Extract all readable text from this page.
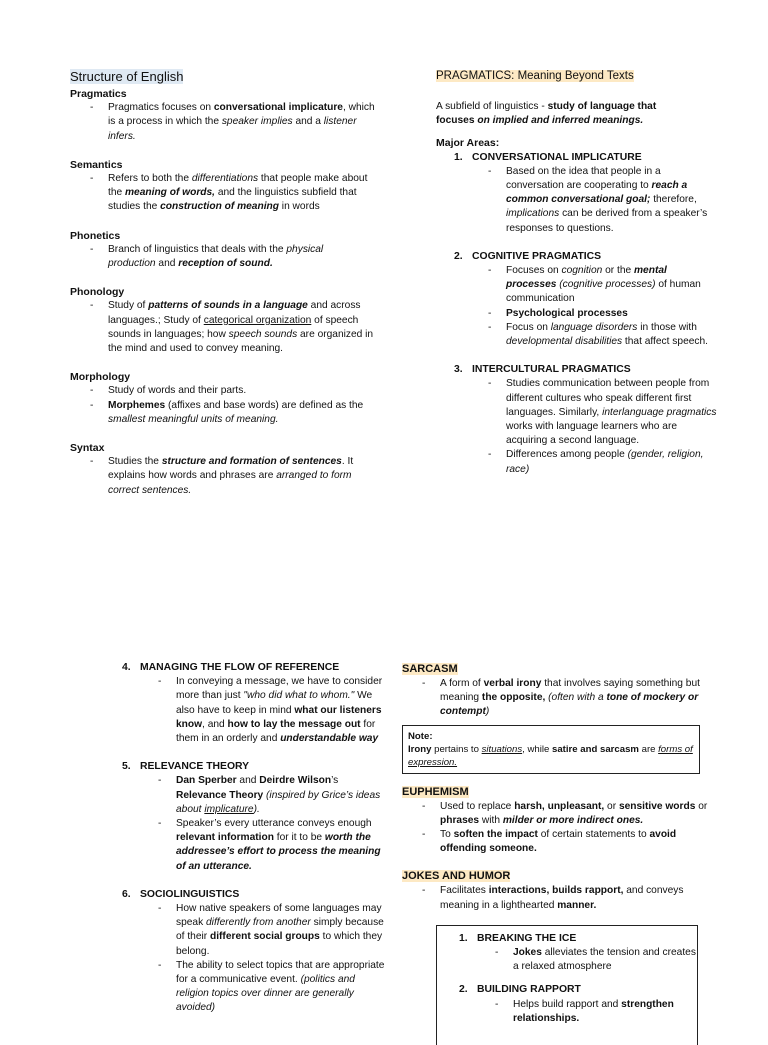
Structure of English
Pragmatics
- Pragmatics focuses on conversational implicature, which is a process in which the speaker implies and a listener infers.
Semantics
- Refers to both the differentiations that people make about the meaning of words, and the linguistics subfield that studies the construction of meaning in words
Phonetics
- Branch of linguistics that deals with the physical production and reception of sound.
Phonology
- Study of patterns of sounds in a language and across languages.; Study of categorical organization of speech sounds in languages; how speech sounds are organized in the mind and used to convey meaning.
Morphology
- Study of words and their parts.
- Morphemes (affixes and base words) are defined as the smallest meaningful units of meaning.
Syntax
- Studies the structure and formation of sentences. It explains how words and phrases are arranged to form correct sentences.
PRAGMATICS: Meaning Beyond Texts
A subfield of linguistics - study of language that focuses on implied and inferred meanings.
Major Areas:
1. CONVERSATIONAL IMPLICATURE
- Based on the idea that people in a conversation are cooperating to reach a common conversational goal; therefore, implications can be derived from a speaker’s responses to questions.
2. COGNITIVE PRAGMATICS
- Focuses on cognition or the mental processes (cognitive processes) of human communication
- Psychological processes
- Focus on language disorders in those with developmental disabilities that affect speech.
3. INTERCULTURAL PRAGMATICS
- Studies communication between people from different cultures who speak different first languages. Similarly, interlanguage pragmatics works with language learners who are acquiring a second language.
- Differences among people (gender, religion, race)
4. MANAGING THE FLOW OF REFERENCE
- In conveying a message, we have to consider more than just "who did what to whom." We also have to keep in mind what our listeners know, and how to lay the message out for them in an orderly and understandable way
5. RELEVANCE THEORY
- Dan Sperber and Deirdre Wilson’s Relevance Theory (inspired by Grice’s ideas about implicature).
- Speaker’s every utterance conveys enough relevant information for it to be worth the addressee’s effort to process the meaning of an utterance.
6. SOCIOLINGUISTICS
- How native speakers of some languages may speak differently from another simply because of their different social groups to which they belong.
- The ability to select topics that are appropriate for a communicative event. (politics and religion topics over dinner are generally avoided)
SARCASM
- A form of verbal irony that involves saying something but meaning the opposite, (often with a tone of mockery or contempt)
Note:
Irony pertains to situations, while satire and sarcasm are forms of expression.
EUPHEMISM
- Used to replace harsh, unpleasant, or sensitive words or phrases with milder or more indirect ones.
- To soften the impact of certain statements to avoid offending someone.
JOKES AND HUMOR
- Facilitates interactions, builds rapport, and conveys meaning in a lighthearted manner.
1. BREAKING THE ICE
- Jokes alleviates the tension and creates a relaxed atmosphere
2. BUILDING RAPPORT
- Helps build rapport and strengthen relationships.
